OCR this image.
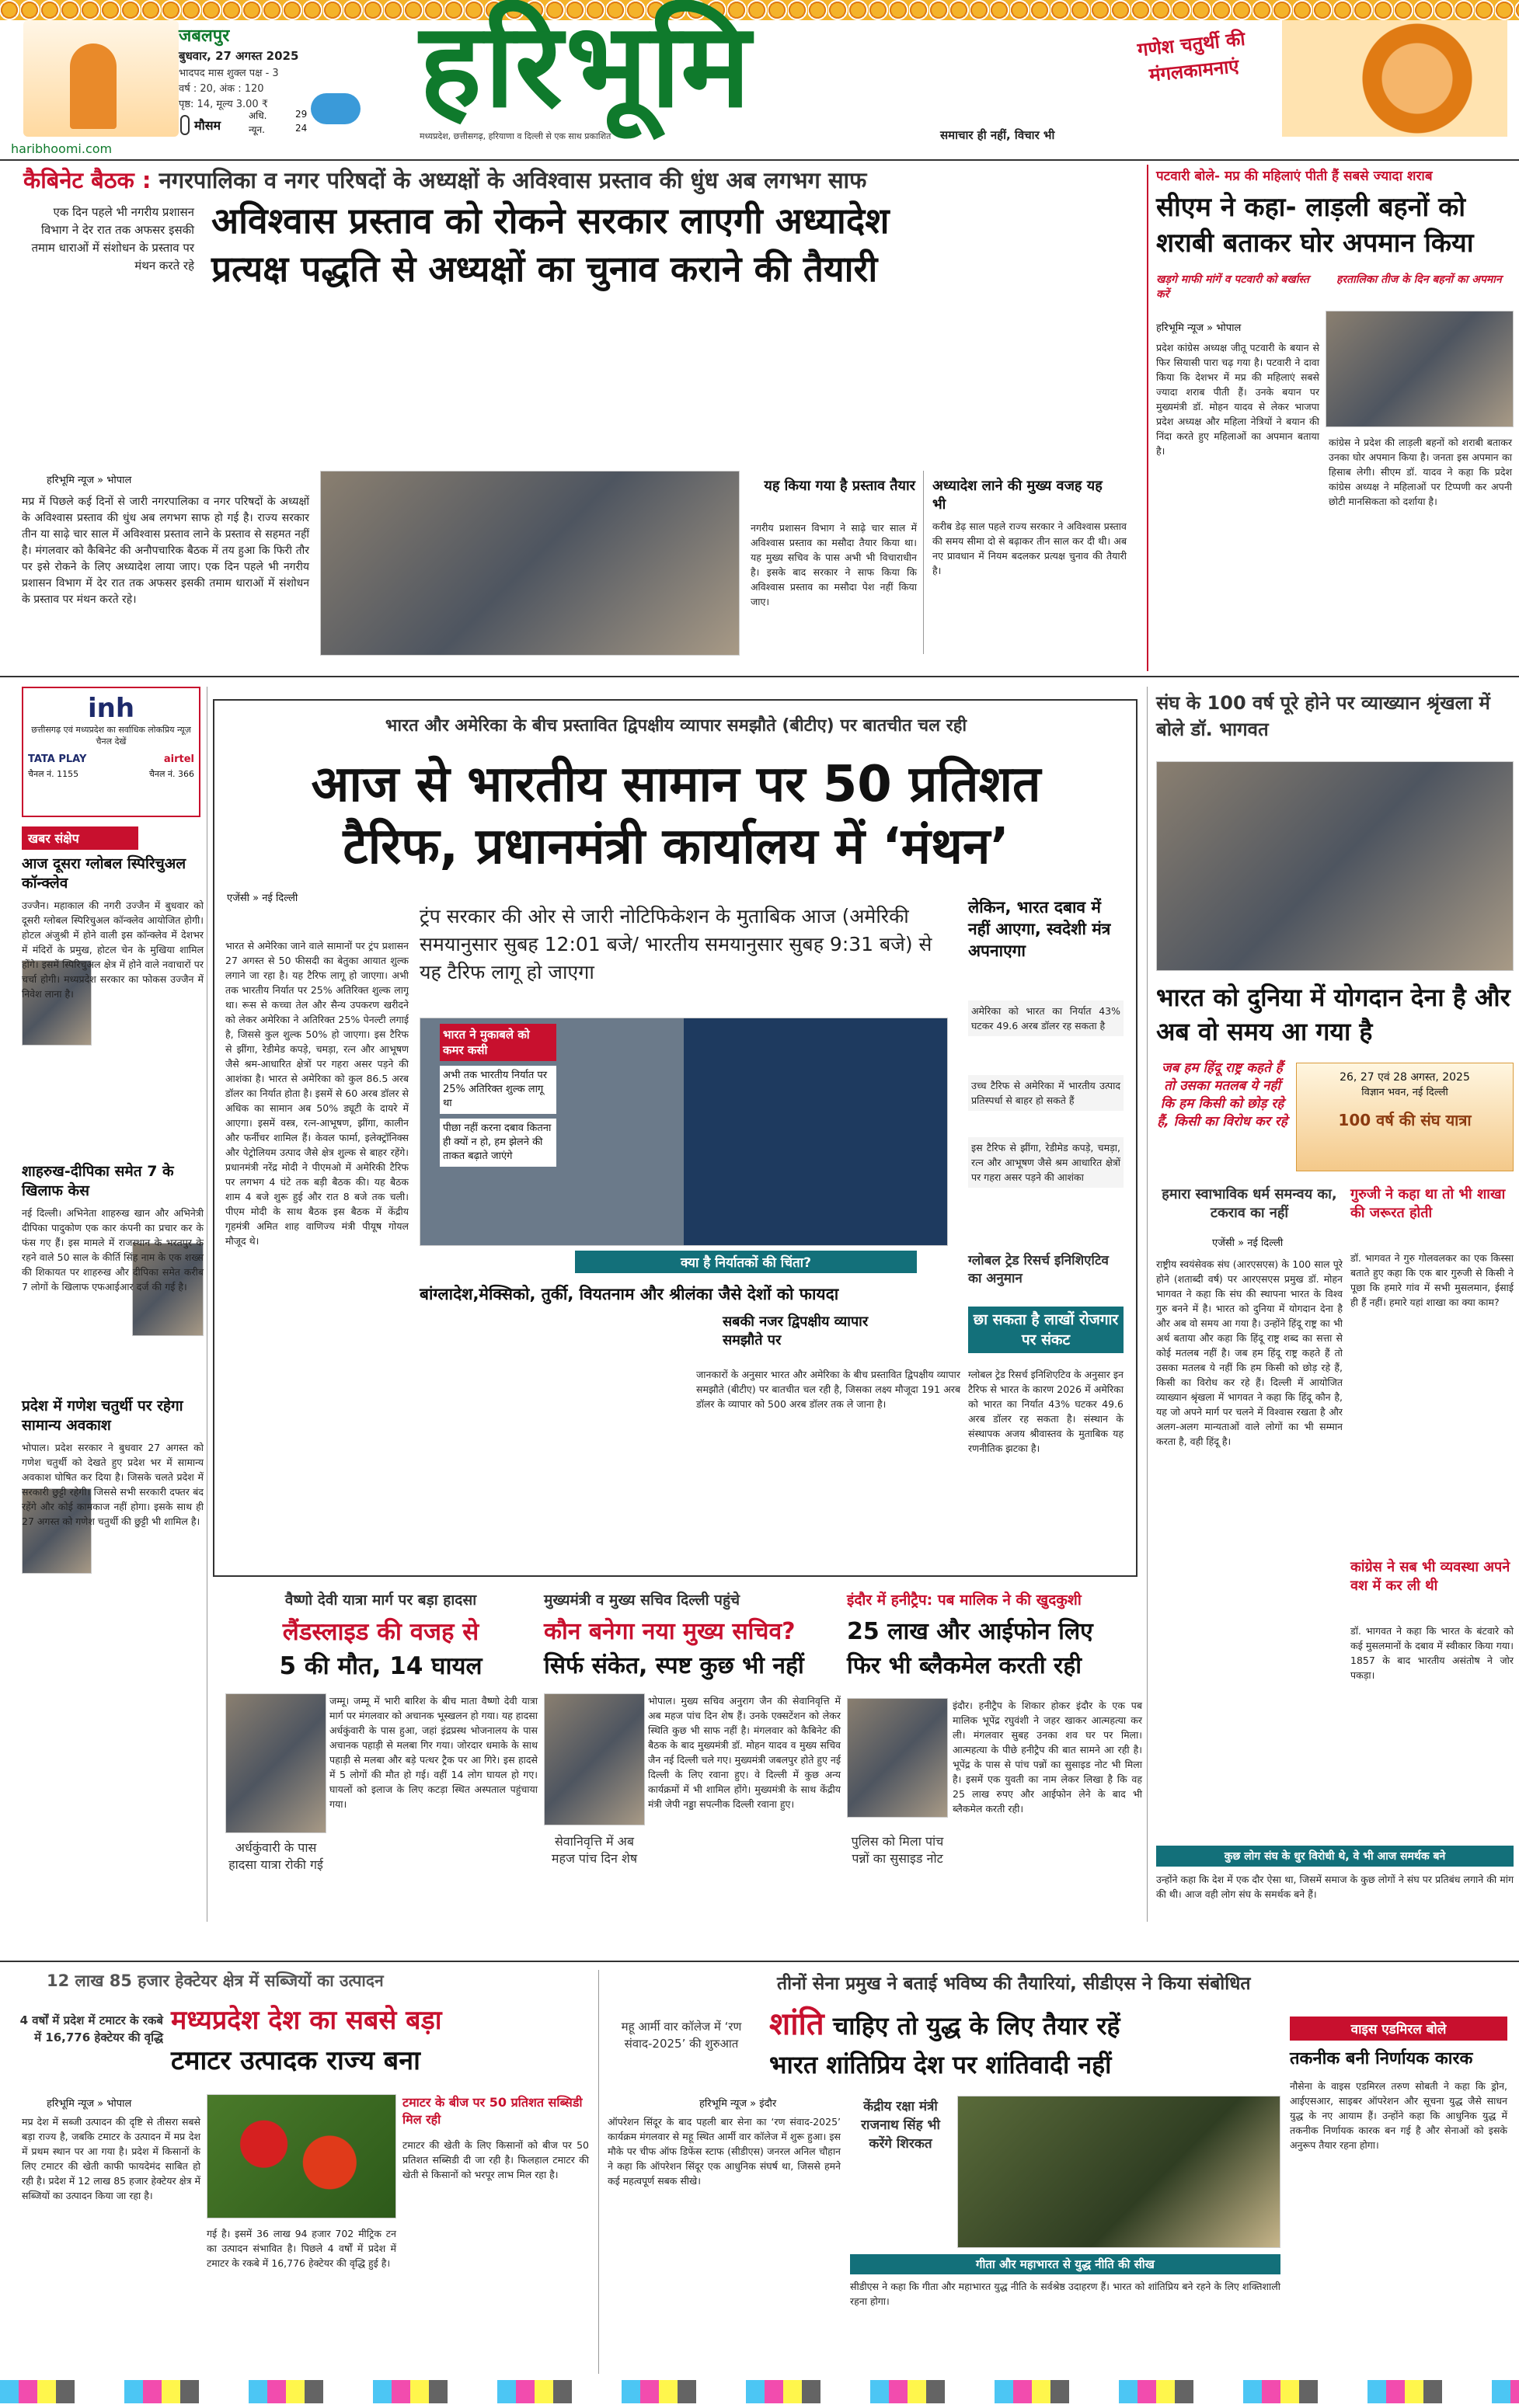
जबलपुर
बुधवार, 27 अगस्त 2025
भादपद मास शुक्ल पक्ष - 3
वर्ष : 20, अंक : 120
पृष्ठ: 14, मूल्य 3.00 ₹
मौसम
अधि.	29
न्यून.	24 हरिभूमि
मध्यप्रदेश, छत्तीसगढ़, हरियाणा व दिल्ली से एक साथ प्रकाशित	समाचार ही नहीं, विचार भी
गणेश चतुर्थी की मंगलकामनाएं
haribhoomi.com
कैबिनेट बैठक : नगरपालिका व नगर परिषदों के अध्यक्षों के अविश्वास प्रस्ताव की धुंध अब लगभग साफ
एक दिन पहले भी नगरीय प्रशासन विभाग ने देर रात तक अफसर इसकी तमाम धाराओं में संशोधन के प्रस्ताव पर मंथन करते रहे
अविश्वास प्रस्ताव को रोकने सरकार लाएगी अध्यादेश
प्रत्यक्ष पद्धति से अध्यक्षों का चुनाव कराने की तैयारी
हरिभूमि न्यूज » भोपाल
मप्र में पिछले कई दिनों से जारी नगरपालिका व नगर परिषदों के अध्यक्षों के अविश्वास प्रस्ताव की धुंध अब लगभग साफ हो गई है। राज्य सरकार तीन या साढ़े चार साल में अविश्वास प्रस्ताव लाने के प्रस्ताव से सहमत नहीं है। मंगलवार को कैबिनेट की अनौपचारिक बैठक में तय हुआ कि फिरी तौर पर इसे रोकने के लिए अध्यादेश लाया जाए। एक दिन पहले भी नगरीय प्रशासन विभाग में देर रात तक अफसर इसकी तमाम धाराओं में संशोधन के प्रस्ताव पर मंथन करते रहे।
यह किया गया है प्रस्ताव तैयार
नगरीय प्रशासन विभाग ने साढ़े चार साल में अविश्वास प्रस्ताव का मसौदा तैयार किया था। यह मुख्य सचिव के पास अभी भी विचाराधीन है। इसके बाद सरकार ने साफ किया कि अविश्वास प्रस्ताव का मसौदा पेश नहीं किया जाए।
अध्यादेश लाने की मुख्य वजह यह भी
करीब डेढ़ साल पहले राज्य सरकार ने अविश्वास प्रस्ताव की समय सीमा दो से बढ़ाकर तीन साल कर दी थी। अब नए प्रावधान में नियम बदलकर प्रत्यक्ष चुनाव की तैयारी है।
पटवारी बोले- मप्र की महिलाएं पीती हैं सबसे ज्यादा शराब
सीएम ने कहा- लाड़ली बहनों को शराबी बताकर घोर अपमान किया
खड़गे माफी मांगें व पटवारी को बर्खास्त करें
हरतालिका तीज के दिन बहनों का अपमान
हरिभूमि न्यूज » भोपाल
प्रदेश कांग्रेस अध्यक्ष जीतू पटवारी के बयान से फिर सियासी पारा चढ़ गया है। पटवारी ने दावा किया कि देशभर में मप्र की महिलाएं सबसे ज्यादा शराब पीती हैं। उनके बयान पर मुख्यमंत्री डॉ. मोहन यादव से लेकर भाजपा प्रदेश अध्यक्ष और महिला नेत्रियों ने बयान की निंदा करते हुए महिलाओं का अपमान बताया है।
कांग्रेस ने प्रदेश की लाड़ली बहनों को शराबी बताकर उनका घोर अपमान किया है। जनता इस अपमान का हिसाब लेगी। सीएम डॉ. यादव ने कहा कि प्रदेश कांग्रेस अध्यक्ष ने महिलाओं पर टिप्पणी कर अपनी छोटी मानसिकता को दर्शाया है।
inh
छत्तीसगढ़ एवं मध्यप्रदेश का सर्वाधिक लोकप्रिय न्यूज़ चैनल देखें
TATA PLAY	airtel
चैनल नं. 1155	चैनल नं. 366
खबर संक्षेप
आज दूसरा ग्लोबल स्पिरिचुअल कॉन्क्लेव
उज्जैन। महाकाल की नगरी उज्जैन में बुधवार को दूसरी ग्लोबल स्पिरिचुअल कॉन्क्लेव आयोजित होगी। होटल अंजुश्री में होने वाली इस कॉन्क्लेव में देशभर में मंदिरों के प्रमुख, होटल चेन के मुखिया शामिल होंगे। इसमें स्पिरिचुअल क्षेत्र में होने वाले नवाचारों पर चर्चा होगी। मध्यप्रदेश सरकार का फोकस उज्जैन में निवेश लाना है।
शाहरुख-दीपिका समेत 7 के खिलाफ केस
नई दिल्ली। अभिनेता शाहरुख खान और अभिनेत्री दीपिका पादुकोण एक कार कंपनी का प्रचार कर के फंस गए हैं। इस मामले में राजस्थान के भरतपुर के रहने वाले 50 साल के कीर्ति सिंह नाम के एक शख्स की शिकायत पर शाहरुख और दीपिका समेत करीब 7 लोगों के खिलाफ एफआईआर दर्ज की गई है।
प्रदेश में गणेश चतुर्थी पर रहेगा सामान्य अवकाश
भोपाल। प्रदेश सरकार ने बुधवार 27 अगस्त को गणेश चतुर्थी को देखते हुए प्रदेश भर में सामान्य अवकाश घोषित कर दिया है। जिसके चलते प्रदेश में सरकारी छुट्टी रहेगी। जिससे सभी सरकारी दफ्तर बंद रहेंगे और कोई कामकाज नहीं होगा। इसके साथ ही 27 अगस्त को गणेश चतुर्थी की छुट्टी भी शामिल है।
भारत और अमेरिका के बीच प्रस्तावित द्विपक्षीय व्यापार समझौते (बीटीए) पर बातचीत चल रही
आज से भारतीय सामान पर 50 प्रतिशत
टैरिफ, प्रधानमंत्री कार्यालय में ‘मंथन’
एजेंसी » नई दिल्ली
ट्रंप सरकार की ओर से जारी नोटिफिकेशन के मुताबिक आज (अमेरिकी समयानुसार सुबह 12:01 बजे/ भारतीय समयानुसार सुबह 9:31 बजे) से यह टैरिफ लागू हो जाएगा
भारत से अमेरिका जाने वाले सामानों पर ट्रंप प्रशासन 27 अगस्त से 50 फीसदी का बेतुका आयात शुल्क लगाने जा रहा है। यह टैरिफ लागू हो जाएगा। अभी तक भारतीय निर्यात पर 25% अतिरिक्त शुल्क लागू था। रूस से कच्चा तेल और सैन्य उपकरण खरीदने को लेकर अमेरिका ने अतिरिक्त 25% पेनल्टी लगाई है, जिससे कुल शुल्क 50% हो जाएगा। इस टैरिफ से झींगा, रेडीमेड कपड़े, चमड़ा, रत्न और आभूषण जैसे श्रम-आधारित क्षेत्रों पर गहरा असर पड़ने की आशंका है। भारत से अमेरिका को कुल 86.5 अरब डॉलर का निर्यात होता है। इसमें से 60 अरब डॉलर से अधिक का सामान अब 50% ड्यूटी के दायरे में आएगा। इसमें वस्त्र, रत्न-आभूषण, झींगा, कालीन और फर्नीचर शामिल हैं। केवल फार्मा, इलेक्ट्रॉनिक्स और पेट्रोलियम उत्पाद जैसे क्षेत्र शुल्क से बाहर रहेंगे। प्रधानमंत्री नरेंद्र मोदी ने पीएमओ में अमेरिकी टैरिफ पर लगभग 4 घंटे तक बड़ी बैठक की। यह बैठक शाम 4 बजे शुरू हुई और रात 8 बजे तक चली। पीएम मोदी के साथ बैठक इस बैठक में केंद्रीय गृहमंत्री अमित शाह वाणिज्य मंत्री पीयूष गोयल मौजूद थे।
भारत ने मुकाबले को कमर कसी
अभी तक भारतीय निर्यात पर 25% अतिरिक्त शुल्क लागू था
पीछा नहीं करना दबाव कितना ही क्यों न हो, हम झेलने की ताकत बढ़ाते जाएंगे
लेकिन, भारत दबाव में नहीं आएगा, स्वदेशी मंत्र अपनाएगा
अमेरिका को भारत का निर्यात 43% घटकर 49.6 अरब डॉलर रह सकता है
उच्च टैरिफ से अमेरिका में भारतीय उत्पाद प्रतिस्पर्धा से बाहर हो सकते हैं
इस टैरिफ से झींगा, रेडीमेड कपड़े, चमड़ा, रत्न और आभूषण जैसे श्रम आधारित क्षेत्रों पर गहरा असर पड़ने की आशंका
ग्लोबल ट्रेड रिसर्च इनिशिएटिव का अनुमान
क्या है निर्यातकों की चिंता?
बांग्लादेश,मेक्सिको, तुर्की, वियतनाम और श्रीलंका जैसे देशों को फायदा
सबकी नजर द्विपक्षीय व्यापार समझौते पर
जानकारों के अनुसार भारत और अमेरिका के बीच प्रस्तावित द्विपक्षीय व्यापार समझौते (बीटीए) पर बातचीत चल रही है, जिसका लक्ष्य मौजूदा 191 अरब डॉलर के व्यापार को 500 अरब डॉलर तक ले जाना है।
छा सकता है लाखों रोजगार पर संकट
ग्लोबल ट्रेड रिसर्च इनिशिएटिव के अनुसार इन टैरिफ से भारत के कारण 2026 में अमेरिका को भारत का निर्यात 43% घटकर 49.6 अरब डॉलर रह सकता है। संस्थान के संस्थापक अजय श्रीवास्तव के मुताबिक यह रणनीतिक झटका है।
संघ के 100 वर्ष पूरे होने पर व्याख्यान श्रृंखला में बोले डॉ. भागवत
भारत को दुनिया में योगदान देना है और अब वो समय आ गया है
जब हम हिंदू राष्ट्र कहते हैं तो उसका मतलब ये नहीं कि हम किसी को छोड़ रहे हैं, किसी का विरोध कर रहे
26, 27 एवं 28 अगस्त, 2025
विज्ञान भवन, नई दिल्ली
100 वर्ष की संघ यात्रा
हमारा स्वाभाविक धर्म समन्वय का, टकराव का नहीं
एजेंसी » नई दिल्ली
राष्ट्रीय स्वयंसेवक संघ (आरएसएस) के 100 साल पूरे होने (शताब्दी वर्ष) पर आरएसएस प्रमुख डॉ. मोहन भागवत ने कहा कि संघ की स्थापना भारत के विश्व गुरु बनने में है। भारत को दुनिया में योगदान देना है और अब वो समय आ गया है। उन्होंने हिंदू राष्ट्र का भी अर्थ बताया और कहा कि हिंदू राष्ट्र शब्द का सत्ता से कोई मतलब नहीं है। जब हम हिंदू राष्ट्र कहते हैं तो उसका मतलब ये नहीं कि हम किसी को छोड़ रहे हैं, किसी का विरोध कर रहे हैं। दिल्ली में आयोजित व्याख्यान श्रृंखला में भागवत ने कहा कि हिंदू कौन है, यह जो अपने मार्ग पर चलने में विश्वास रखता है और अलग-अलग मान्यताओं वाले लोगों का भी सम्मान करता है, वही हिंदू है।
गुरुजी ने कहा था तो भी शाखा की जरूरत होती
डॉ. भागवत ने गुरु गोलवलकर का एक किस्सा बताते हुए कहा कि एक बार गुरुजी से किसी ने पूछा कि हमारे गांव में सभी मुसलमान, ईसाई ही हैं नहीं। हमारे यहां शाखा का क्या काम?
कांग्रेस ने सब भी व्यवस्था अपने वश में कर ली थी
डॉ. भागवत ने कहा कि भारत के बंटवारे को कई मुसलमानों के दबाव में स्वीकार किया गया। 1857 के बाद भारतीय असंतोष ने जोर पकड़ा।
कुछ लोग संघ के धुर विरोधी थे, वे भी आज समर्थक बने
उन्होंने कहा कि देश में एक दौर ऐसा था, जिसमें समाज के कुछ लोगों ने संघ पर प्रतिबंध लगाने की मांग की थी। आज वही लोग संघ के समर्थक बने हैं।
वैष्णो देवी यात्रा मार्ग पर बड़ा हादसा
लैंडस्लाइड की वजह से
5 की मौत, 14 घायल
अर्धकुंवारी के पास हादसा यात्रा रोकी गई
जम्मू। जम्मू में भारी बारिश के बीच माता वैष्णो देवी यात्रा मार्ग पर मंगलवार को अचानक भूस्खलन हो गया। यह हादसा अर्धकुंवारी के पास हुआ, जहां इंद्रप्रस्थ भोजनालय के पास अचानक पहाड़ी से मलबा गिर गया। जोरदार धमाके के साथ पहाड़ी से मलबा और बड़े पत्थर ट्रैक पर आ गिरे। इस हादसे में 5 लोगों की मौत हो गई। वहीं 14 लोग घायल हो गए। घायलों को इलाज के लिए कटड़ा स्थित अस्पताल पहुंचाया गया।
मुख्यमंत्री व मुख्य सचिव दिल्ली पहुंचे
कौन बनेगा नया मुख्य सचिव?
सिर्फ संकेत, स्पष्ट कुछ भी नहीं
सेवानिवृत्ति में अब महज पांच दिन शेष
भोपाल। मुख्य सचिव अनुराग जैन की सेवानिवृत्ति में अब महज पांच दिन शेष हैं। उनके एक्सटेंशन को लेकर स्थिति कुछ भी साफ नहीं है। मंगलवार को कैबिनेट की बैठक के बाद मुख्यमंत्री डॉ. मोहन यादव व मुख्य सचिव जैन नई दिल्ली चले गए। मुख्यमंत्री जबलपुर होते हुए नई दिल्ली के लिए रवाना हुए। वे दिल्ली में कुछ अन्य कार्यक्रमों में भी शामिल होंगे। मुख्यमंत्री के साथ केंद्रीय मंत्री जेपी नड्डा सपत्नीक दिल्ली रवाना हुए।
इंदौर में हनीट्रैप: पब मालिक ने की खुदकुशी
25 लाख और आईफोन लिए
फिर भी ब्लैकमेल करती रही
पुलिस को मिला पांच पन्नों का सुसाइड नोट
इंदौर। हनीट्रैप के शिकार होकर इंदौर के एक पब मालिक भूपेंद्र रघुवंशी ने जहर खाकर आत्महत्या कर ली। मंगलवार सुबह उनका शव घर पर मिला। आत्महत्या के पीछे हनीट्रैप की बात सामने आ रही है। भूपेंद्र के पास से पांच पन्नों का सुसाइड नोट भी मिला है। इसमें एक युवती का नाम लेकर लिखा है कि वह 25 लाख रुपए और आईफोन लेने के बाद भी ब्लैकमेल करती रही।
12 लाख 85 हजार हेक्टेयर क्षेत्र में सब्जियों का उत्पादन
4 वर्षों में प्रदेश में टमाटर के रकबे में 16,776 हेक्टेयर की वृद्धि
मध्यप्रदेश देश का सबसे बड़ा
टमाटर उत्पादक राज्य बना
हरिभूमि न्यूज » भोपाल
मप्र देश में सब्जी उत्पादन की दृष्टि से तीसरा सबसे बड़ा राज्य है, जबकि टमाटर के उत्पादन में मप्र देश में प्रथम स्थान पर आ गया है। प्रदेश में किसानों के लिए टमाटर की खेती काफी फायदेमंद साबित हो रही है। प्रदेश में 12 लाख 85 हजार हेक्टेयर क्षेत्र में सब्जियों का उत्पादन किया जा रहा है।
गई है। इसमें 36 लाख 94 हजार 702 मीट्रिक टन का उत्पादन संभावित है। पिछले 4 वर्षों में प्रदेश में टमाटर के रकबे में 16,776 हेक्टेयर की वृद्धि हुई है।
टमाटर के बीज पर 50 प्रतिशत सब्सिडी मिल रही
टमाटर की खेती के लिए किसानों को बीज पर 50 प्रतिशत सब्सिडी दी जा रही है। फिलहाल टमाटर की खेती से किसानों को भरपूर लाभ मिल रहा है।
तीनों सेना प्रमुख ने बताई भविष्य की तैयारियां, सीडीएस ने किया संबोधित
महू आर्मी वार कॉलेज में ‘रण संवाद-2025’ की शुरुआत
शांति चाहिए तो युद्ध के लिए तैयार रहें
भारत शांतिप्रिय देश पर शांतिवादी नहीं
हरिभूमि न्यूज » इंदौर
ऑपरेशन सिंदूर के बाद पहली बार सेना का ‘रण संवाद-2025’ कार्यक्रम मंगलवार से महू स्थित आर्मी वार कॉलेज में शुरू हुआ। इस मौके पर चीफ ऑफ डिफेंस स्टाफ (सीडीएस) जनरल अनिल चौहान ने कहा कि ऑपरेशन सिंदूर एक आधुनिक संघर्ष था, जिससे हमने कई महत्वपूर्ण सबक सीखे।
केंद्रीय रक्षा मंत्री राजनाथ सिंह भी करेंगे शिरकत
गीता और महाभारत से युद्ध नीति की सीख
सीडीएस ने कहा कि गीता और महाभारत युद्ध नीति के सर्वश्रेष्ठ उदाहरण हैं। भारत को शांतिप्रिय बने रहने के लिए शक्तिशाली रहना होगा।
वाइस एडमिरल बोले
तकनीक बनी निर्णायक कारक
नौसेना के वाइस एडमिरल तरुण सोबती ने कहा कि ड्रोन, आईएसआर, साइबर ऑपरेशन और सूचना युद्ध जैसे साधन युद्ध के नए आयाम हैं। उन्होंने कहा कि आधुनिक युद्ध में तकनीक निर्णायक कारक बन गई है और सेनाओं को इसके अनुरूप तैयार रहना होगा।
